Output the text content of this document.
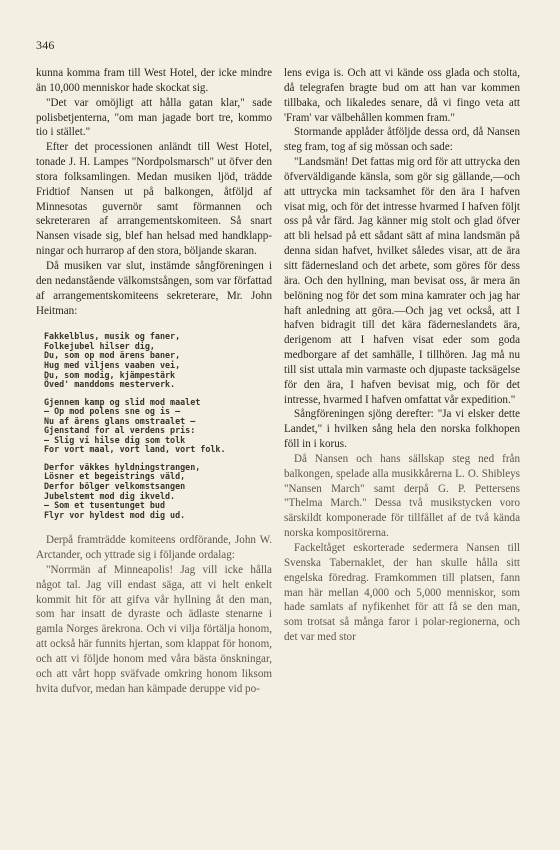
346

kunna komma fram till West Hotel, der icke mindre än 10,000 menniskor hade skockat sig.

"Det var omöjligt att hålla gatan klar," sade polisbetjenterna, "om man jagade bort tre, kommo tio i stället."

Efter det processionen anländt till West Hotel, tonade J. H. Lampes "Nordpolsmarsch" ut öfver den stora folksamlingen. Medan musiken ljöd, trädde Fridtiof Nansen ut på balkongen, åtföljd af Minnesotas guvernör samt förmannen och sekreteraren af arrangementskomiteen. Så snart Nansen visade sig, blef han helsad med handklappningar och hurrarop af den stora, böljande skaran.

Då musiken var slut, instämde sångföreningen i den nedanstående välkomstsången, som var författad af arrangementskomiteens sekreterare, Mr. John Heitman:

Fakkelblus, musik og faner,
Folkejubel hilser dig,
Du, som op mod ärens baner,
Hug med viljens vaaben vei,
Du, som modig, kjämpestärk
Öved' manddoms mesterverk.
Gjennem kamp og slid mod maalet
— Op mod polens sne og is —
Nu af ärens glans omstraalet —
Gjenstand for al verdens pris:
— Slig vi hilse dig som tolk
For vort maal, vort land, vort folk.
Derfor väkkes hyldningstrangen,
Lösner et begeistrings väld,
Derfor bölger velkomstsangen
Jubelstemt mod dig ikveld.
— Som et tusentunget bud
Flyr vor hyldest mod dig ud.

Derpå framträdde komiteens ordförande, John W. Arctander, och yttrade sig i följande ordalag:

"Norrmän af Minneapolis! Jag vill icke hålla något tal. Jag vill endast säga, att vi helt enkelt kommit hit för att gifva vår hyllning åt den man, som har insatt de dyraste och ädlaste stenarne i gamla Norges ärekrona. Och vi vilja förtälja honom, att också här funnits hjertan, som klappat för honom, och att vi följde honom med våra bästa önskningar, och att vårt hopp sväfvade omkring honom liksom hvita dufvor, medan han kämpade deruppe vid po-

lens eviga is. Och att vi kände oss glada och stolta, då telegrafen bragte bud om att han var kommen tillbaka, och likaledes senare, då vi fingo veta att 'Fram' var välbehållen kommen fram."

Stormande applåder åtföljde dessa ord, då Nansen steg fram, tog af sig mössan och sade:

"Landsmän! Det fattas mig ord för att uttrycka den öfverväldigande känsla, som gör sig gällande,—och att uttrycka min tacksamhet för den ära I hafven visat mig, och för det intresse hvarmed I hafven följt oss på vår färd. Jag känner mig stolt och glad öfver att bli helsad på ett sådant sätt af mina landsmän på denna sidan hafvet, hvilket således visar, att de ära sitt fädernesland och det arbete, som göres för dess ära. Och den hyllning, man bevisat oss, är mera än belöning nog för det som mina kamrater och jag har haft anledning att göra.—Och jag vet också, att I hafven bidragit till det kära fäderneslandets ära, derigenom att I hafven visat eder som goda medborgare af det samhälle, I tillhören. Jag må nu till sist uttala min varmaste och djupaste tacksägelse för den ära, I hafven bevisat mig, och för det intresse, hvarmed I hafven omfattat vår expedition."

Sångföreningen sjöng derefter: "Ja vi elsker dette Landet," i hvilken sång hela den norska folkhopen föll in i korus.

Då Nansen och hans sällskap steg ned från balkongen, spelade alla musikkårerna L. O. Shibleys "Nansen March" samt derpå G. P. Pettersens "Thelma March." Dessa två musikstycken voro särskildt komponerade för tillfället af de två kända norska kompositörerna.

Fackeltåget eskorterade sedermera Nansen till Svenska Tabernaklet, der han skulle hålla sitt engelska föredrag. Framkommen till platsen, fann man här mellan 4,000 och 5,000 menniskor, som hade samlats af nyfikenhet för att få se den man, som trotsat så många faror i polar-regionerna, och det var med stor
